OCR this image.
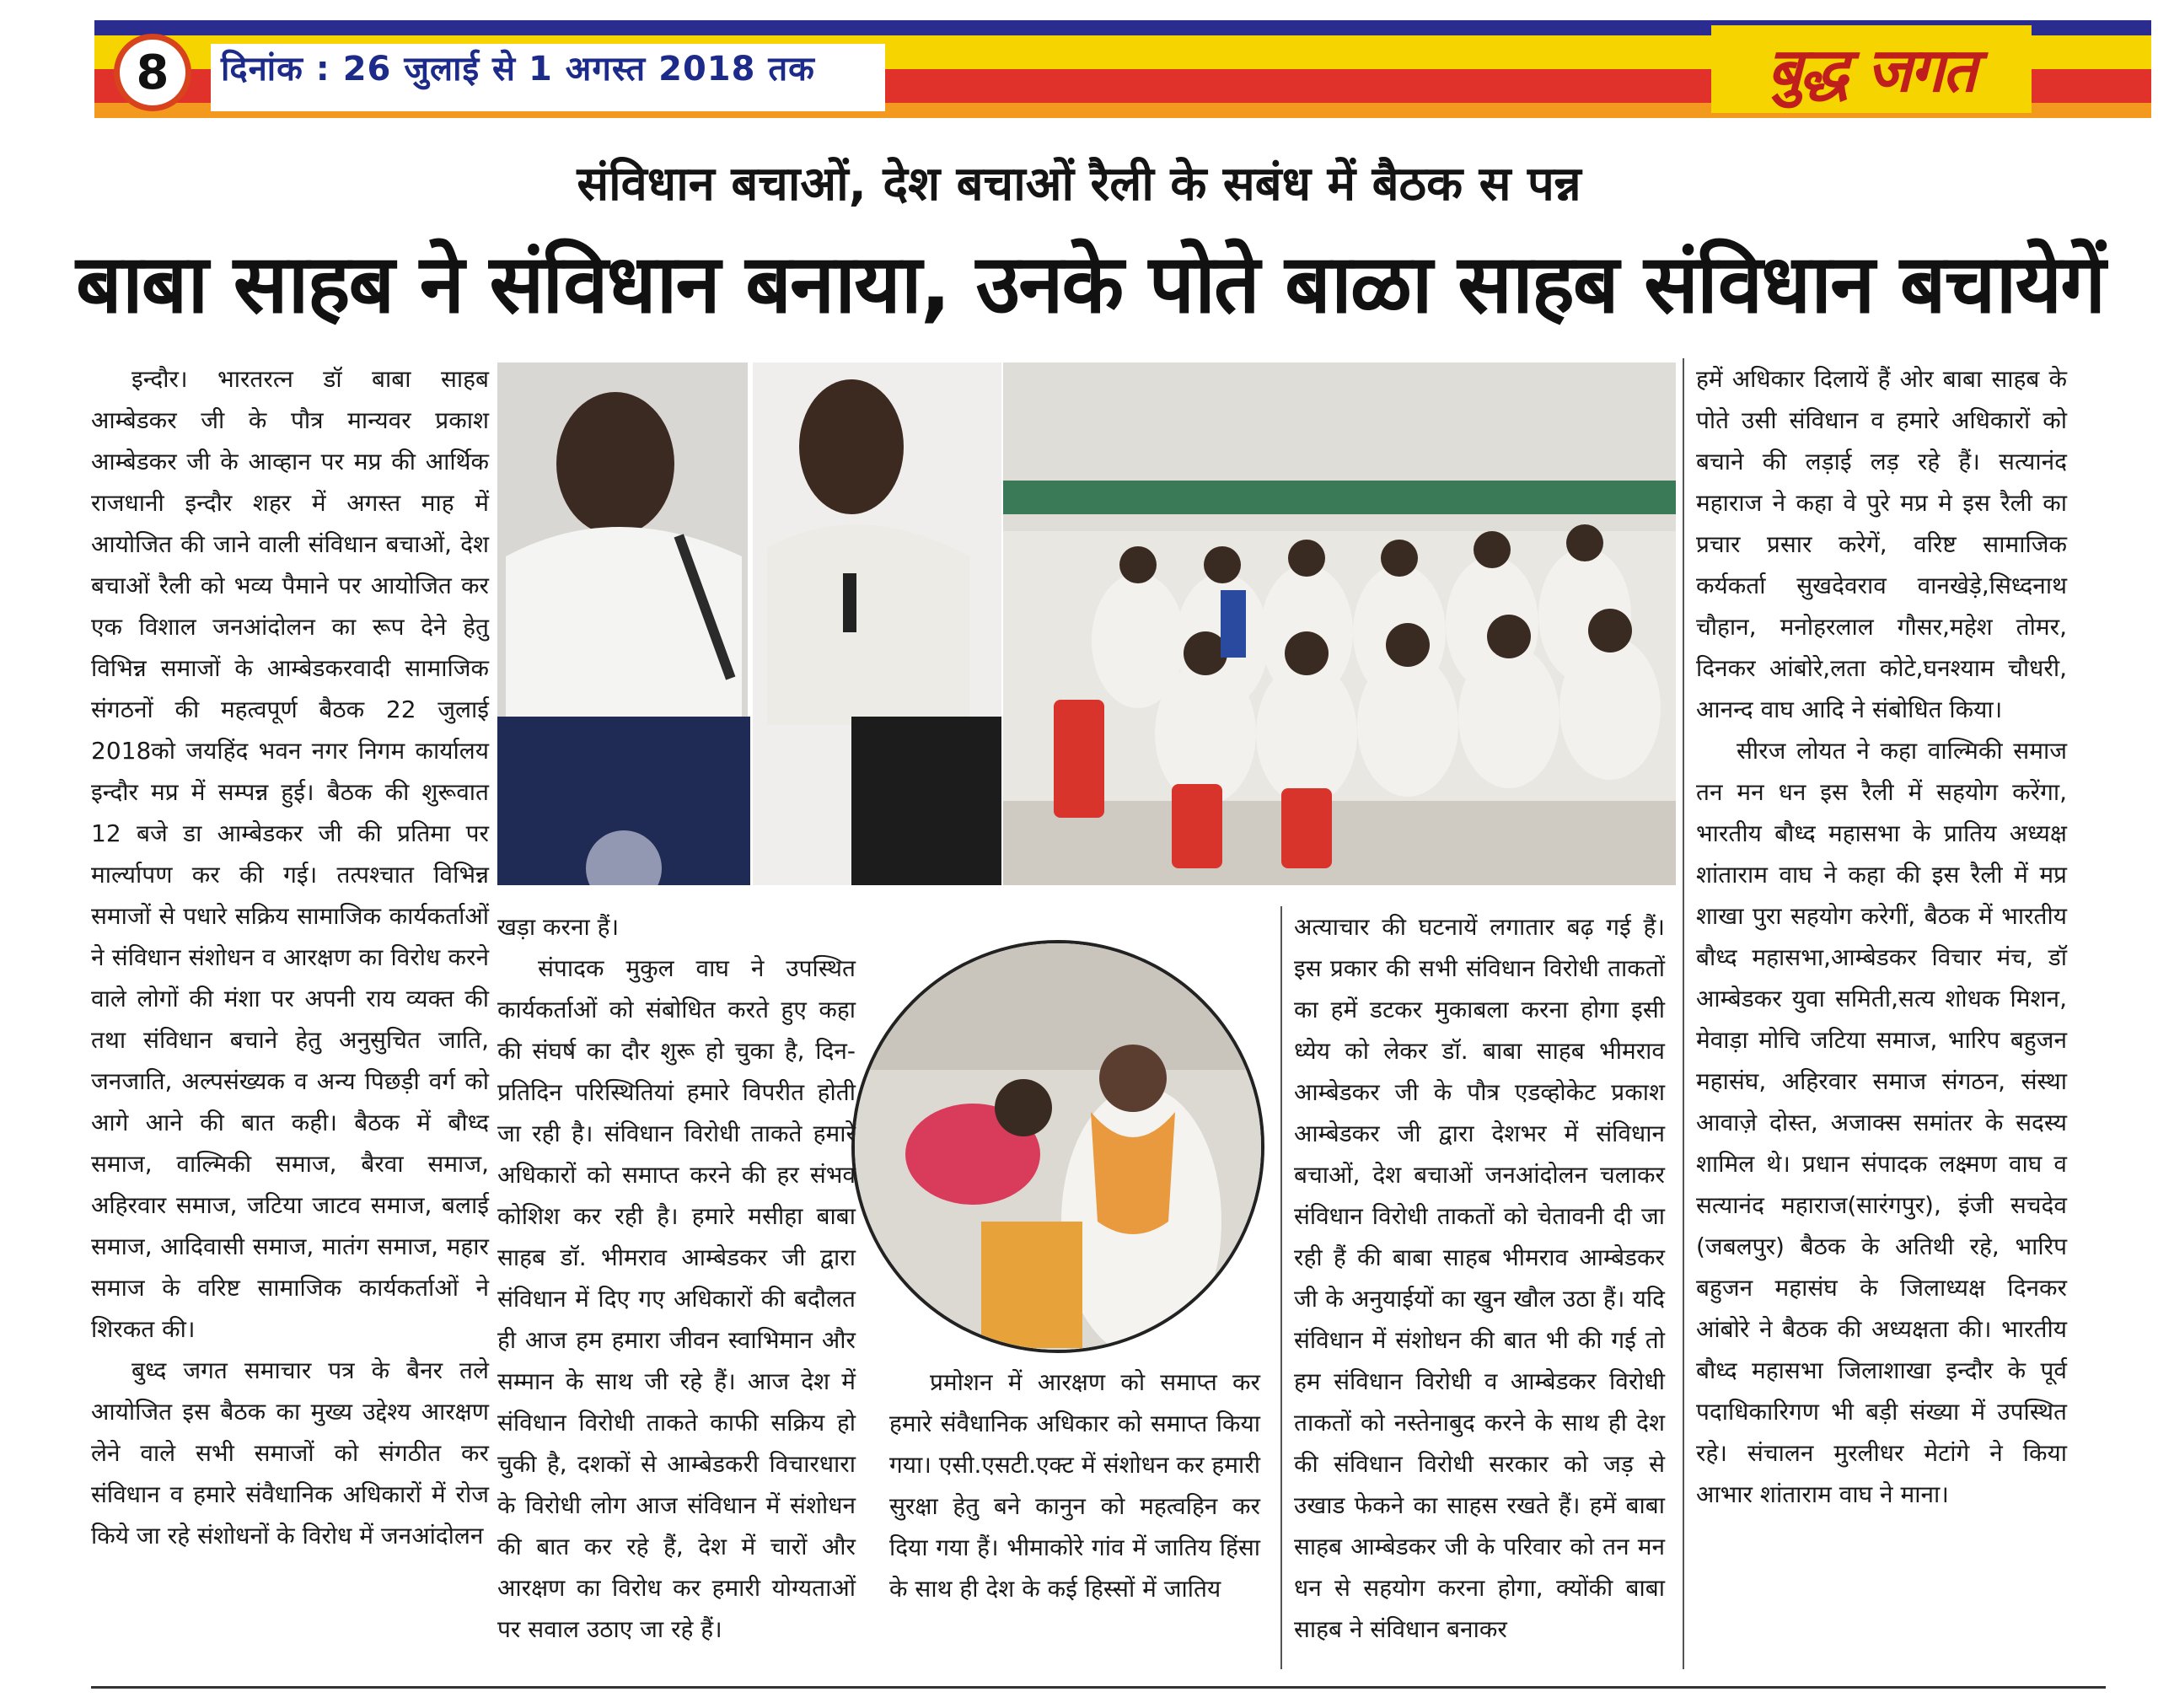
8	दिनांक : 26 जुलाई से 1 अगस्त 2018 तक	बुद्ध जगत
संविधान बचाओं, देश बचाओं रैली के सबंध में बैठक स पन्न
बाबा साहब ने संविधान बनाया, उनके पोते बाळा साहब संविधान बचायेगें

इन्दौर। भारतरत्न डॉ बाबा साहब आम्बेडकर जी के पौत्र मान्यवर प्रकाश आम्बेडकर जी के आव्हान पर मप्र की आर्थिक राजधानी इन्दौर शहर में अगस्त माह में आयोजित की जाने वाली संविधान बचाओं, देश बचाओं रैली को भव्य पैमाने पर आयोजित कर एक विशाल जनआंदोलन का रूप देने हेतु विभिन्न समाजों के आम्बेडकरवादी सामाजिक संगठनों की महत्वपूर्ण बैठक 22 जुलाई 2018को जयहिंद भवन नगर निगम कार्यालय इन्दौर मप्र में सम्पन्न हुई। बैठक की शुरूवात 12 बजे डा आम्बेडकर जी की प्रतिमा पर मार्ल्यापण कर की गई। तत्पश्चात विभिन्न समाजों से पधारे सक्रिय सामाजिक कार्यकर्ताओं ने संविधान संशोधन व आरक्षण का विरोध करने वाले लोगों की मंशा पर अपनी राय व्यक्त की तथा संविधान बचाने हेतु अनुसुचित जाति, जनजाति, अल्पसंख्यक व अन्य पिछड़ी वर्ग को आगे आने की बात कही। बैठक में बौध्द समाज, वाल्मिकी समाज, बैरवा समाज, अहिरवार समाज, जटिया जाटव समाज, बलाई समाज, आदिवासी समाज, मातंग समाज, महार समाज के वरिष्ट सामाजिक कार्यकर्ताओं ने शिरकत की।

बुध्द जगत समाचार पत्र के बैनर तले आयोजित इस बैठक का मुख्य उद्देश्य आरक्षण लेने वाले सभी समाजों को संगठीत कर संविधान व हमारे संवैधानिक अधिकारों में रोज किये जा रहे संशोधनों के विरोध में जनआंदोलन

खड़ा करना हैं।

संपादक मुकुल वाघ ने उपस्थित कार्यकर्ताओं को संबोधित करते हुए कहा की संघर्ष का दौर शुरू हो चुका है, दिन-प्रतिदिन परिस्थितियां हमारे विपरीत होती जा रही है। संविधान विरोधी ताकते हमारे अधिकारों को समाप्त करने की हर संभव कोशिश कर रही है। हमारे मसीहा बाबा साहब डॉ. भीमराव आम्बेडकर जी द्वारा संविधान में दिए गए अधिकारों की बदौलत ही आज हम हमारा जीवन स्वाभिमान और सम्मान के साथ जी रहे हैं। आज देश में संविधान विरोधी ताकते काफी सक्रिय हो चुकी है, दशकों से आम्बेडकरी विचारधारा के विरोधी लोग आज संविधान में संशोधन की बात कर रहे हैं, देश में चारों और आरक्षण का विरोध कर हमारी योग्यताओं पर सवाल उठाए जा रहे हैं।

प्रमोशन में आरक्षण को समाप्त कर हमारे संवैधानिक अधिकार को समाप्त किया गया। एसी.एसटी.एक्ट में संशोधन कर हमारी सुरक्षा हेतु बने कानुन को महत्वहिन कर दिया गया हैं। भीमाकोरे गांव में जातिय हिंसा के साथ ही देश के कई हिस्सों में जातिय

अत्याचार की घटनायें लगातार बढ़ गई हैं। इस प्रकार की सभी संविधान विरोधी ताकतों का हमें डटकर मुकाबला करना होगा इसी ध्येय को लेकर डॉ. बाबा साहब भीमराव आम्बेडकर जी के पौत्र एडव्होकेट प्रकाश आम्बेडकर जी द्वारा देशभर में संविधान बचाओं, देश बचाओं जनआंदोलन चलाकर संविधान विरोधी ताकतों को चेतावनी दी जा रही हैं की बाबा साहब भीमराव आम्बेडकर जी के अनुयाईयों का खुन खौल उठा हैं। यदि संविधान में संशोधन की बात भी की गई तो हम संविधान विरोधी व आम्बेडकर विरोधी ताकतों को नस्तेनाबुद करने के साथ ही देश की संविधान विरोधी सरकार को जड़ से उखाड फेकने का साहस रखते हैं। हमें बाबा साहब आम्बेडकर जी के परिवार को तन मन धन से सहयोग करना होगा, क्योंकी बाबा साहब ने संविधान बनाकर

हमें अधिकार दिलायें हैं ओर बाबा साहब के पोते उसी संविधान व हमारे अधिकारों को बचाने की लड़ाई लड़ रहे हैं। सत्यानंद महाराज ने कहा वे पुरे मप्र मे इस रैली का प्रचार प्रसार करेगें, वरिष्ट सामाजिक कर्यकर्ता सुखदेवराव वानखेड़े,सिध्दनाथ चौहान, मनोहरलाल गौसर,महेश तोमर, दिनकर आंबोरे,लता कोटे,घनश्याम चौधरी, आनन्द वाघ आदि ने संबोधित किया।

सीरज लोयत ने कहा वाल्मिकी समाज तन मन धन इस रैली में सहयोग करेंगा, भारतीय बौध्द महासभा के प्रातिय अध्यक्ष शांताराम वाघ ने कहा की इस रैली में मप्र शाखा पुरा सहयोग करेगीं, बैठक में भारतीय बौध्द महासभा,आम्बेडकर विचार मंच, डॉ आम्बेडकर युवा समिती,सत्य शोधक मिशन, मेवाड़ा मोचि जटिया समाज, भारिप बहुजन महासंघ, अहिरवार समाज संगठन, संस्था आवाज़े दोस्त, अजाक्स समांतर के सदस्य शामिल थे। प्रधान संपादक लक्ष्मण वाघ व सत्यानंद महाराज(सारंगपुर), इंजी सचदेव (जबलपुर) बैठक के अतिथी रहे, भारिप बहुजन महासंघ के जिलाध्यक्ष दिनकर आंबोरे ने बैठक की अध्यक्षता की। भारतीय बौध्द महासभा जिलाशाखा इन्दौर के पूर्व पदाधिकारिगण भी बड़ी संख्या में उपस्थित रहे। संचालन मुरलीधर मेटांगे ने किया आभार शांताराम वाघ ने माना।
